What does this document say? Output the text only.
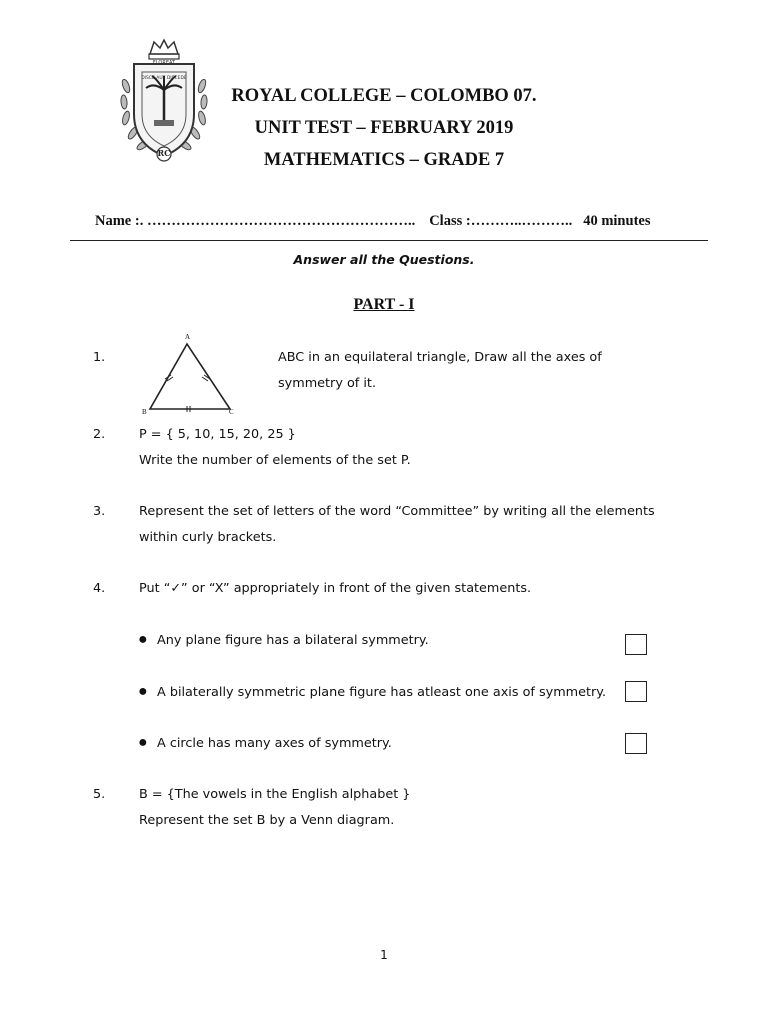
FLOREAT
DISCE AUT DISCEDE
RC
ROYAL COLLEGE – COLOMBO 07.
UNIT TEST – FEBRUARY 2019
MATHEMATICS – GRADE 7
Name :. ……………………………………………….. Class :………..……….. 40 minutes
Answer all the Questions.
PART - I
1.
A
B	C
ABC in an equilateral triangle, Draw all the axes of
symmetry of it.
2.	P = { 5, 10, 15, 20, 25 }
Write the number of elements of the set P.
3.	Represent the set of letters of the word “Committee” by writing all the elements
within curly brackets.
4.	Put “✓” or “X” appropriately in front of the given statements.
● Any plane figure has a bilateral symmetry.
● A bilaterally symmetric plane figure has atleast one axis of symmetry.
● A circle has many axes of symmetry.
5.	B = {The vowels in the English alphabet }
Represent the set B by a Venn diagram.
1
